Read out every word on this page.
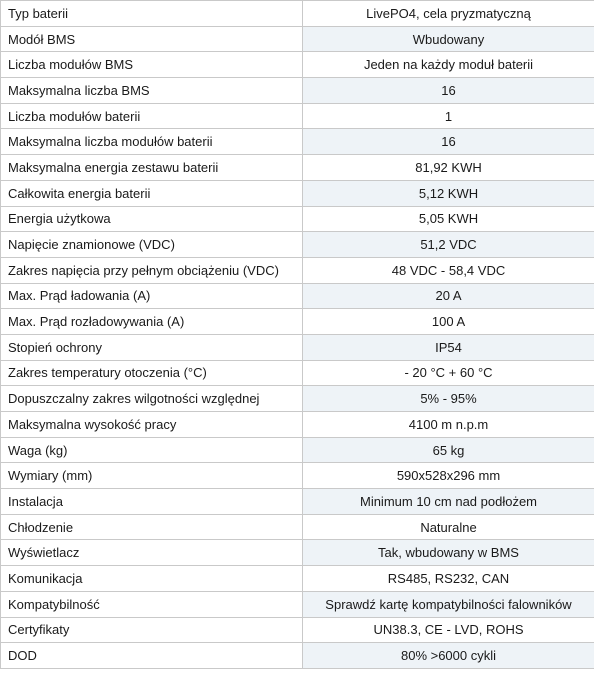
Typ baterii	LivePO4, cela pryzmatyczną
Modół BMS	Wbudowany
Liczba modułów BMS	Jeden na każdy moduł baterii
Maksymalna liczba BMS	16
Liczba modułów baterii	1
Maksymalna liczba modułów baterii	16
Maksymalna energia zestawu baterii	81,92 KWH
Całkowita energia baterii	5,12 KWH
Energia użytkowa	5,05 KWH
Napięcie znamionowe (VDC)	51,2 VDC
Zakres napięcia przy pełnym obciążeniu (VDC)	48 VDC - 58,4 VDC
Max. Prąd ładowania (A)	20 A
Max. Prąd rozładowywania (A)	100 A
Stopień ochrony	IP54
Zakres temperatury otoczenia (°C)	- 20 °C + 60 °C
Dopuszczalny zakres wilgotności względnej	5% - 95%
Maksymalna wysokość pracy	4100 m n.p.m
Waga (kg)	65 kg
Wymiary (mm)	590x528x296 mm
Instalacja	Minimum 10 cm nad podłożem
Chłodzenie	Naturalne
Wyświetlacz	Tak, wbudowany w BMS
Komunikacja	RS485, RS232, CAN
Kompatybilność	Sprawdź kartę kompatybilności falowników
Certyfikaty	UN38.3, CE - LVD, ROHS
DOD	80% >6000 cykli
